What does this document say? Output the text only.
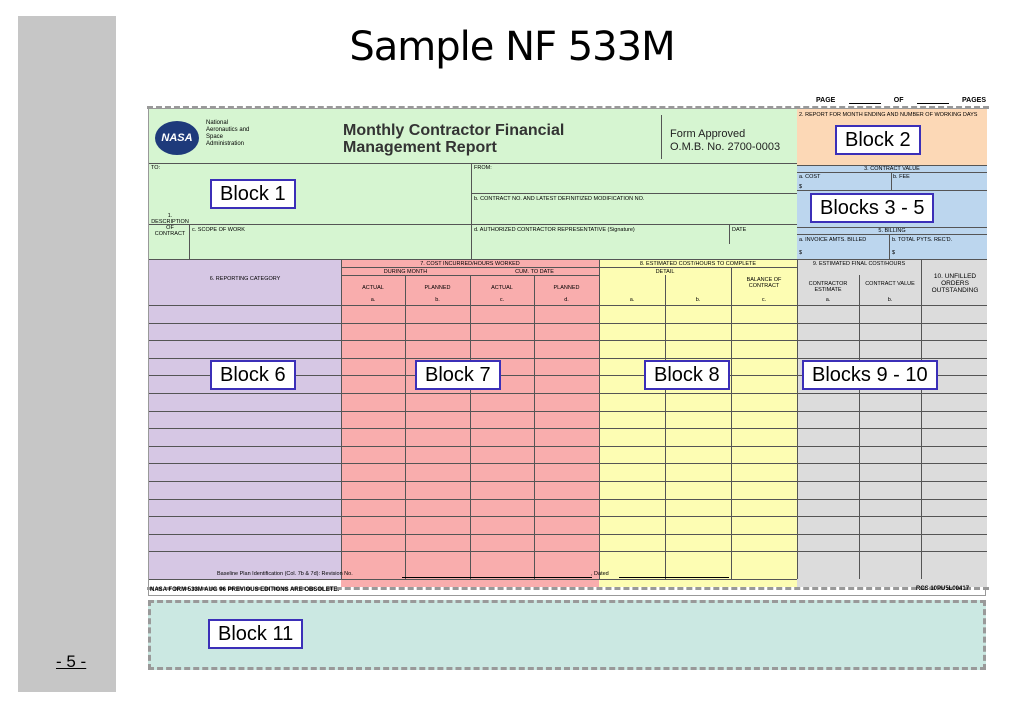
- 5 -
Sample NF 533M
PAGE	OF	PAGES
NASA
National
Aeronautics and
Space
Administration
Monthly Contractor Financial
Management Report
Form Approved
O.M.B. No. 2700-0003
TO:	FROM:
b. CONTRACT NO. AND LATEST DEFINITIZED MODIFICATION NO.
1. DESCRIPTION OF CONTRACT
c. SCOPE OF WORK	d. AUTHORIZED CONTRACTOR REPRESENTATIVE (Signature)	DATE
2. REPORT FOR MONTH ENDING AND NUMBER OF WORKING DAYS
3. CONTRACT VALUE
a. COST	b. FEE
$
5. BILLING
a. INVOICE AMTS. BILLED	b. TOTAL PYTS. REC'D.
$	$
6. REPORTING CATEGORY
7. COST INCURRED/HOURS WORKED
DURING MONTH	CUM. TO DATE
ACTUAL	PLANNED	ACTUAL	PLANNED
a.	b.	c.	d.
8. ESTIMATED COST/HOURS TO COMPLETE
DETAIL
BALANCE OF CONTRACT
a.	b.	c.
9. ESTIMATED FINAL COST/HOURS
CONTRACTOR ESTIMATE
CONTRACT VALUE
a.	b.
10. UNFILLED ORDERS OUTSTANDING
Baseline Plan Identification (Col. 7b & 7d): Revision No.	, Dated
NASA FORM 533M AUG 96 PREVIOUS EDITIONS ARE OBSOLETE.	RCS 10PU5L00417
Block 1
Block 2
Blocks 3 - 5
Block 6	Block 7	Block 8	Blocks 9 - 10
Block 11
